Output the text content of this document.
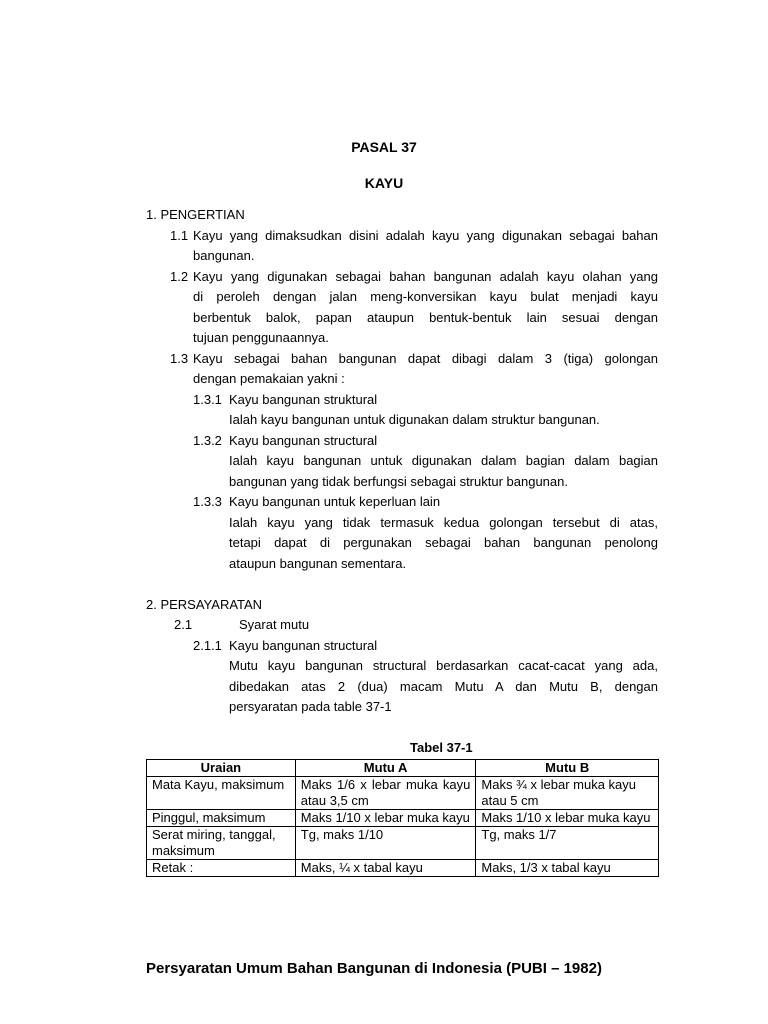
PASAL 37
KAYU
1. PENGERTIAN
1.1 Kayu yang dimaksudkan disini adalah kayu yang digunakan sebagai bahan
bangunan.
1.2 Kayu yang digunakan sebagai bahan bangunan adalah kayu olahan yang
di peroleh dengan jalan meng-konversikan kayu bulat menjadi kayu
berbentuk balok, papan ataupun bentuk-bentuk lain sesuai dengan
tujuan penggunaannya.
1.3 Kayu sebagai bahan bangunan dapat dibagi dalam 3 (tiga) golongan
dengan pemakaian yakni :
1.3.1 Kayu bangunan struktural
Ialah kayu bangunan untuk digunakan dalam struktur bangunan.
1.3.2 Kayu bangunan structural
Ialah kayu bangunan untuk digunakan dalam bagian dalam bagian
bangunan yang tidak berfungsi sebagai struktur bangunan.
1.3.3 Kayu bangunan untuk keperluan lain
Ialah kayu yang tidak termasuk kedua golongan tersebut di atas,
tetapi dapat di pergunakan sebagai bahan bangunan penolong
ataupun bangunan sementara.
2. PERSAYARATAN
2.1	Syarat mutu
2.1.1 Kayu bangunan structural
Mutu kayu bangunan structural berdasarkan cacat-cacat yang ada,
dibedakan atas 2 (dua) macam Mutu A dan Mutu B, dengan
persyaratan pada table 37-1
Tabel 37-1
Uraian	Mutu A	Mutu B
Mata Kayu, maksimum	Maks 1/6 x lebar muka kayu atau 3,5 cm	Maks ¾ x lebar muka kayu atau 5 cm
Pinggul, maksimum	Maks 1/10 x lebar muka kayu	Maks 1/10 x lebar muka kayu
Serat miring, tanggal, maksimum	Tg, maks 1/10	Tg, maks 1/7
Retak :	Maks, ¼ x tabal kayu	Maks, 1/3 x tabal kayu
Persyaratan Umum Bahan Bangunan di Indonesia (PUBI – 1982)
